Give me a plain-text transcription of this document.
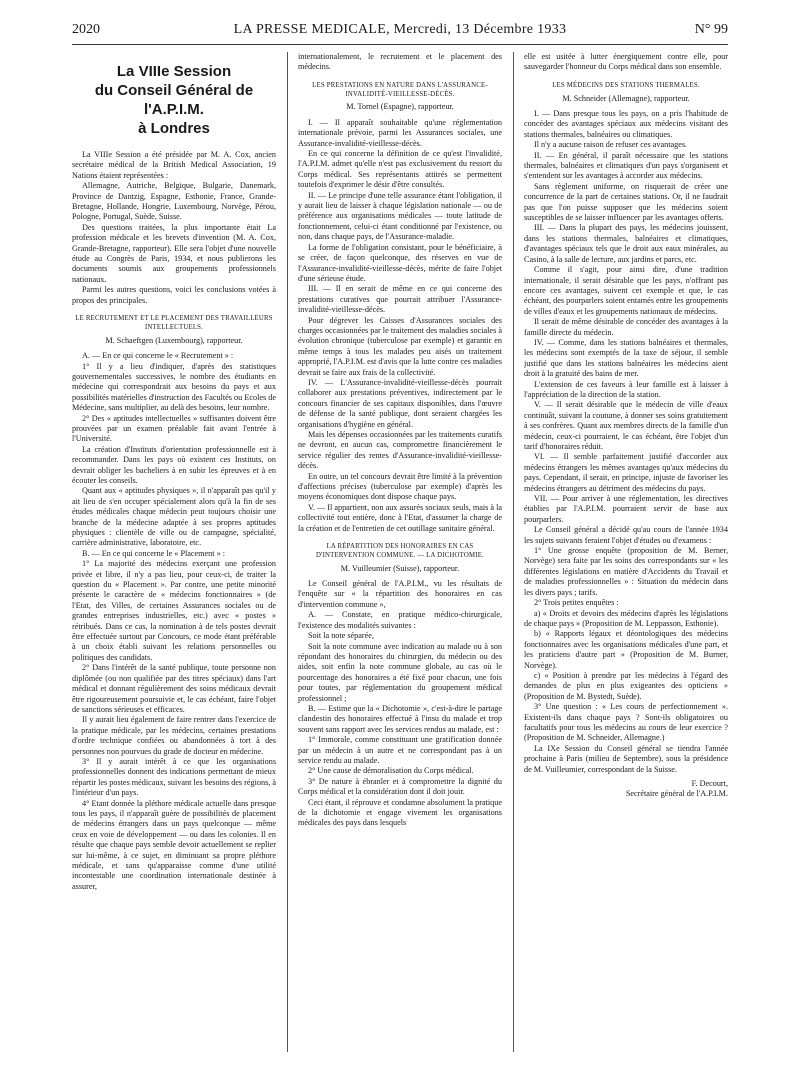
2020	LA PRESSE MEDICALE, Mercredi, 13 Décembre 1933	N° 99
La VIIIe Session
du Conseil Général de l'A.P.I.M.
à Londres

La VIIIe Session a été présidée par M. A. Cox, ancien secrétaire médical de la British Medical Association, 19 Nations étaient représentées :

Allemagne, Autriche, Belgique, Bulgarie, Danemark, Province de Dantzig, Espagne, Esthonie, France, Grande-Bretagne, Hollande, Hongrie, Luxembourg, Norvège, Pérou, Pologne, Portugal, Suède, Suisse.

Des questions traitées, la plus importante était La profession médicale et les brevets d'invention (M. A. Cox, Grande-Bretagne, rapporteur). Elle sera l'objet d'une nouvelle étude au Congrès de Paris, 1934, et nous publierons les documents soumis aux groupements professionnels nationaux.

Parmi les autres questions, voici les conclusions votées à propos des principales.

LE RECRUTEMENT ET LE PLACEMENT DES TRAVAILLEURS INTELLECTUELS.

M. Schaeftgen (Luxembourg), rapporteur.

A. — En ce qui concerne le « Recrutement » :

1° Il y a lieu d'indiquer, d'après des statistiques gouvernementales successives, le nombre des étudiants en médecine qui correspondrait aux besoins du pays et aux possibilités matérielles d'instruction des Facultés ou Ecoles de Médecine, sans multiplier, au delà des besoins, leur nombre.

2° Des « aptitudes intellectuelles » suffisantes doivent être prouvées par un examen préalable fait avant l'entrée à l'Université.

La création d'Instituts d'orientation professionnelle est à recommander. Dans les pays où existent ces Instituts, on devrait obliger les bacheliers à en subir les épreuves et à en écouter les conseils.

Quant aux « aptitudes physiques », il n'apparaît pas qu'il y ait lieu de s'en occuper spécialement alors qu'à la fin de ses études médicales chaque médecin peut toujours choisir une branche de la médecine adaptée à ses propres aptitudes physiques : clientèle de ville ou de campagne, spécialité, carrière administrative, laboratoire, etc.

B. — En ce qui concerne le « Placement » :

1° La majorité des médecins exerçant une profession privée et libre, il n'y a pas lieu, pour ceux-ci, de traiter la question du « Placement ». Par contre, une petite minorité présente le caractère de « médecins fonctionnaires » (de l'Etat, des Villes, de certaines Assurances sociales ou de grandes entreprises industrielles, etc.) avec « postes » rétribués. Dans ce cas, la nomination à de tels postes devrait être effectuée surtout par Concours, ce mode étant préférable à un choix établi suivant les relations personnelles ou politiques des candidats.

2° Dans l'intérêt de la santé publique, toute personne non diplômée (ou non qualifiée par des titres spéciaux) dans l'art médical et donnant régulièrement des soins médicaux devrait être rigoureusement poursuivie et, le cas échéant, faire l'objet de sanctions sérieuses et efficaces.

Il y aurait lieu également de faire rentrer dans l'exercice de la pratique médicale, par les médecins, certaines prestations d'ordre technique confiées ou abandonnées à tort à des personnes non pourvues du grade de docteur en médecine.

3° Il y aurait intérêt à ce que les organisations professionnelles donnent des indications permettant de mieux répartir les postes médicaux, suivant les besoins des régions, à l'intérieur d'un pays.

4° Etant donnée la pléthore médicale actuelle dans presque tous les pays, il n'apparaît guère de possibilités de placement de médecins étrangers dans un pays quelconque — même ceux en voie de développement — ou dans les colonies. Il en résulte que chaque pays semble devoir actuellement se replier sur lui-même, à ce sujet, en diminuant sa propre pléthore médicale, et sans qu'apparaisse comme d'une utilité incontestable une coordination internationale destinée à assurer,

internationalement, le recrutement et le placement des médecins.

LES PRESTATIONS EN NATURE DANS L'ASSURANCE-INVALIDITÉ-VIEILLESSE-DÉCÈS.

M. Tornel (Espagne), rapporteur.

I. — Il apparaît souhaitable qu'une réglementation internationale prévoie, parmi les Assurances sociales, une Assurance-invalidité-vieillesse-décès.

En ce qui concerne la définition de ce qu'est l'invalidité, l'A.P.I.M. admet qu'elle n'est pas exclusivement du ressort du Corps médical. Ses représentants attitrés se permettent toutefois d'exprimer le désir d'être consultés.

II. — Le principe d'une telle assurance étant l'obligation, il y aurait lieu de laisser à chaque législation nationale — ou de préférence aux organisations médicales — toute latitude de fonctionnement, celui-ci étant conditionné par l'existence, ou non, dans chaque pays, de l'Assurance-maladie.

La forme de l'obligation consistant, pour le bénéficiaire, à se créer, de façon quelconque, des réserves en vue de l'Assurance-invalidité-vieillesse-décès, mérite de faire l'objet d'une sérieuse étude.

III. — Il en serait de même en ce qui concerne des prestations curatives que pourrait attribuer l'Assurance-invalidité-vieillesse-décès.

Pour dégrever les Caisses d'Assurances sociales des charges occasionnées par le traitement des maladies sociales à évolution chronique (tuberculose par exemple) et garantir en même temps à tous les malades peu aisés un traitement approprié, l'A.P.I.M. est d'avis que la lutte contre ces maladies devrait se faire aux frais de la collectivité.

IV. — L'Assurance-invalidité-vieillesse-décès pourrait collaborer aux prestations préventives, indirectement par le concours financier de ses capitaux disponibles, dans l'œuvre de défense de la santé publique, dont seraient chargées les organisations d'hygiène en général.

Mais les dépenses occasionnées par les traitements curatifs ne devront, en aucun cas, compromettre financièrement le service régulier des rentes d'Assurance-invalidité-vieillesse-décès.

En outre, un tel concours devrait être limité à la prévention d'affections précises (tuberculose par exemple) d'après les moyens économiques dont dispose chaque pays.

V. — Il appartient, non aux assurés sociaux seuls, mais à la collectivité tout entière, donc à l'Etat, d'assumer la charge de la création et de l'entretien de cet outillage sanitaire général.

LA RÉPARTITION DES HONORAIRES EN CAS D'INTERVENTION COMMUNE. — LA DICHOTOMIE.

M. Vuilleumier (Suisse), rapporteur.

Le Conseil général de l'A.P.I.M., vu les résultats de l'enquête sur « la répartition des honoraires en cas d'intervention commune »,

A. — Constate, en pratique médico-chirurgicale, l'existence des modalités suivantes :

Soit la note séparée,

Soit la note commune avec indication au malade ou à son répondant des honoraires du chirurgien, du médecin ou des aides, soit enfin la note commune globale, au cas où le pourcentage des honoraires a été fixé pour chacun, une fois pour toutes, par réglementation du groupement médical professionnel ;

B. — Estime que la « Dichotomie », c'est-à-dire le partage clandestin des honoraires effectué à l'insu du malade et trop souvent sans rapport avec les services rendus au malade, est :

1° Immorale, comme constituant une gratification donnée par un médecin à un autre et ne correspondant pas à un service rendu au malade.

2° Une cause de démoralisation du Corps médical.

3° De nature à ébranler et à compromettre la dignité du Corps médical et la considération dont il doit jouir.

Ceci étant, il réprouve et condamne absolument la pratique de la dichotomie et engage vivement les organisations médicales des pays dans lesquels

elle est usitée à lutter énergiquement contre elle, pour sauvegarder l'honneur du Corps médical dans son ensemble.

LES MÉDECINS DES STATIONS THERMALES.

M. Schneider (Allemagne), rapporteur.

I. — Dans presque tous les pays, on a pris l'habitude de concéder des avantages spéciaux aux médecins visitant des stations thermales, balnéaires ou climatiques.

Il n'y a aucune raison de refuser ces avantages.

II. — En général, il paraît nécessaire que les stations thermales, balnéaires et climatiques d'un pays s'organisent et s'entendent sur les avantages à accorder aux médecins.

Sans règlement uniforme, on risquerait de créer une concurrence de la part de certaines stations. Or, il ne faudrait pas que l'on puisse supposer que les médecins soient susceptibles de se laisser influencer par les avantages offerts.

III. — Dans la plupart des pays, les médecins jouissent, dans les stations thermales, balnéaires et climatiques, d'avantages spéciaux tels que le droit aux eaux minérales, au Casino, à la salle de lecture, aux jardins et parcs, etc.

Comme il s'agit, pour ainsi dire, d'une tradition internationale, il serait désirable que les pays, n'offrant pas encore ces avantages, suivent cet exemple et que, le cas échéant, des pourparlers soient entamés entre les groupements de villes d'eaux et les groupements nationaux de médecins.

Il serait de même désirable de concéder des avantages à la famille directe du médecin.

IV. — Comme, dans les stations balnéaires et thermales, les médecins sont exemptés de la taxe de séjour, il semble justifié que dans les stations balnéaires les médecins aient droit à la gratuité des bains de mer.

L'extension de ces faveurs à leur famille est à laisser à l'appréciation de la direction de la station.

V. — Il serait désirable que le médecin de ville d'eaux continuât, suivant la coutume, à donner ses soins gratuitement à ses confrères. Quant aux membres directs de la famille d'un médecin, ceux-ci pourraient, le cas échéant, être l'objet d'un tarif d'honoraires réduit.

VI. — Il semble parfaitement justifié d'accorder aux médecins étrangers les mêmes avantages qu'aux médecins du pays. Cependant, il serait, en principe, injuste de favoriser les médecins étrangers au détriment des médecins du pays.

VII. — Pour arriver à une réglementation, les directives établies par l'A.P.I.M. pourraient servir de base aux pourparlers.

Le Conseil général a décidé qu'au cours de l'année 1934 les sujets suivants feraient l'objet d'études ou d'examens :

1° Une grosse enquête (proposition de M. Berner, Norvège) sera faite par les soins des correspondants sur « les différentes législations en matière d'Accidents du Travail et de maladies professionnelles » : Situation du médecin dans les divers pays ; tarifs.

2° Trois petites enquêtes :

a) « Droits et devoirs des médecins d'après les législations de chaque pays » (Proposition de M. Leppasson, Esthonie).

b) « Rapports légaux et déontologiques des médecins fonctionnaires avec les organisations médicales d'une part, et les praticiens d'autre part » (Proposition de M. Burner, Norvège).

c) « Position à prendre par les médecins à l'égard des demandes de plus en plus exigeantes des opticiens » (Proposition de M. Bystedt, Suède).

3° Une question : « Les cours de perfectionnement ». Existent-ils dans chaque pays ? Sont-ils obligatoires ou facultatifs pour tous les médecins au cours de leur exercice ? (Proposition de M. Schneider, Allemagne.)

La IXe Session du Conseil général se tiendra l'année prochaine à Paris (milieu de Septembre), sous la présidence de M. Vuilleumier, correspondant de la Suisse.

F. Decourt,

Secrétaire général de l'A.P.I.M.
